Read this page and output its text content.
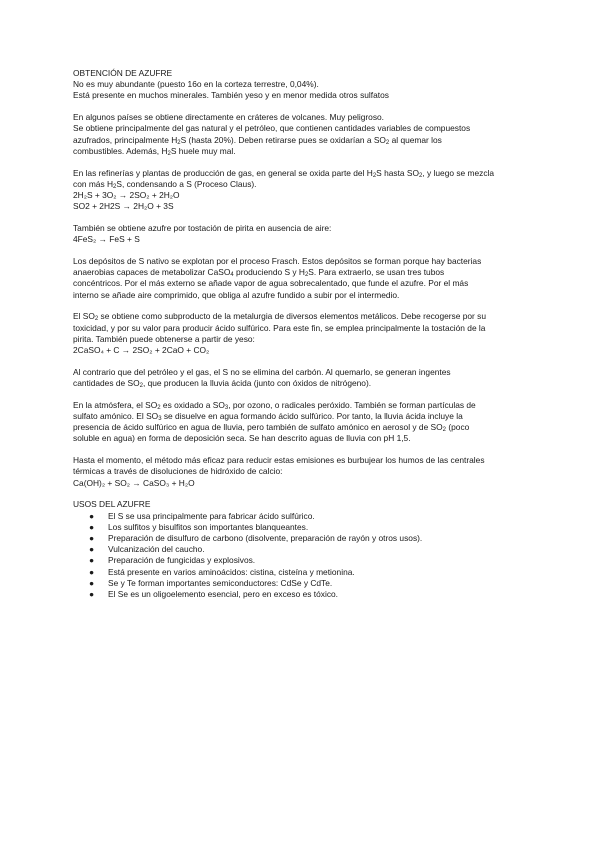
OBTENCIÓN DE AZUFRE

No es muy abundante (puesto 16o en la corteza terrestre, 0,04%).

Está presente en muchos minerales. También yeso y en menor medida otros sulfatos

En algunos países se obtiene directamente en cráteres de volcanes. Muy peligroso.

Se obtiene principalmente del gas natural y el petróleo, que contienen cantidades variables de compuestos

azufrados, principalmente $H_2S$ (hasta 20%). Deben retirarse pues se oxidarían a $SO_2$ al quemar los

combustibles. Además, $H_2S$ huele muy mal.

En las refinerías y plantas de producción de gas, en general se oxida parte del $H_2S$ hasta $SO_2$, y luego se mezcla

con más $H_2S$, condensando a S (Proceso Claus).

2H₂S + 3O₂ → 2SO₂ + 2H₂O

SO2 + 2H2S → 2H₂O + 3S

También se obtiene azufre por tostación de pirita en ausencia de aire:

4FeS₂ → FeS + S

Los depósitos de S nativo se explotan por el proceso Frasch. Estos depósitos se forman porque hay bacterias

anaerobias capaces de metabolizar CaSO$_4$ produciendo S y $H_2S$. Para extraerlo, se usan tres tubos

concéntricos. Por el más externo se añade vapor de agua sobrecalentado, que funde el azufre. Por el más

interno se añade aire comprimido, que obliga al azufre fundido a subir por el intermedio.

El $SO_2$ se obtiene como subproducto de la metalurgia de diversos elementos metálicos. Debe recogerse por su

toxicidad, y por su valor para producir ácido sulfúrico. Para este fin, se emplea principalmente la tostación de la

pirita. También puede obtenerse a partir de yeso:

2CaSO₄ + C → 2SO₂ + 2CaO + CO₂

Al contrario que del petróleo y el gas, el S no se elimina del carbón. Al quemarlo, se generan ingentes

cantidades de $SO_2$, que producen la lluvia ácida (junto con óxidos de nitrógeno).

En la atmósfera, el $SO_2$ es oxidado a $SO_3$, por ozono, o radicales peróxido. También se forman partículas de

sulfato amónico. El $SO_3$ se disuelve en agua formando ácido sulfúrico. Por tanto, la lluvia ácida incluye la

presencia de ácido sulfúrico en agua de lluvia, pero también de sulfato amónico en aerosol y de $SO_2$ (poco

soluble en agua) en forma de deposición seca. Se han descrito aguas de lluvia con pH 1,5.

Hasta el momento, el método más eficaz para reducir estas emisiones es burbujear los humos de las centrales

térmicas a través de disoluciones de hidróxido de calcio:

Ca(OH)₂ + SO₂ → CaSO₃ + H₂O

USOS DEL AZUFRE

● El S se usa principalmente para fabricar ácido sulfúrico.
● Los sulfitos y bisulfitos son importantes blanqueantes.
● Preparación de disulfuro de carbono (disolvente, preparación de rayón y otros usos).
● Vulcanización del caucho.
● Preparación de fungicidas y explosivos.
● Está presente en varios aminoácidos: cistina, cisteína y metionina.
● Se y Te forman importantes semiconductores: CdSe y CdTe.
● El Se es un oligoelemento esencial, pero en exceso es tóxico.
